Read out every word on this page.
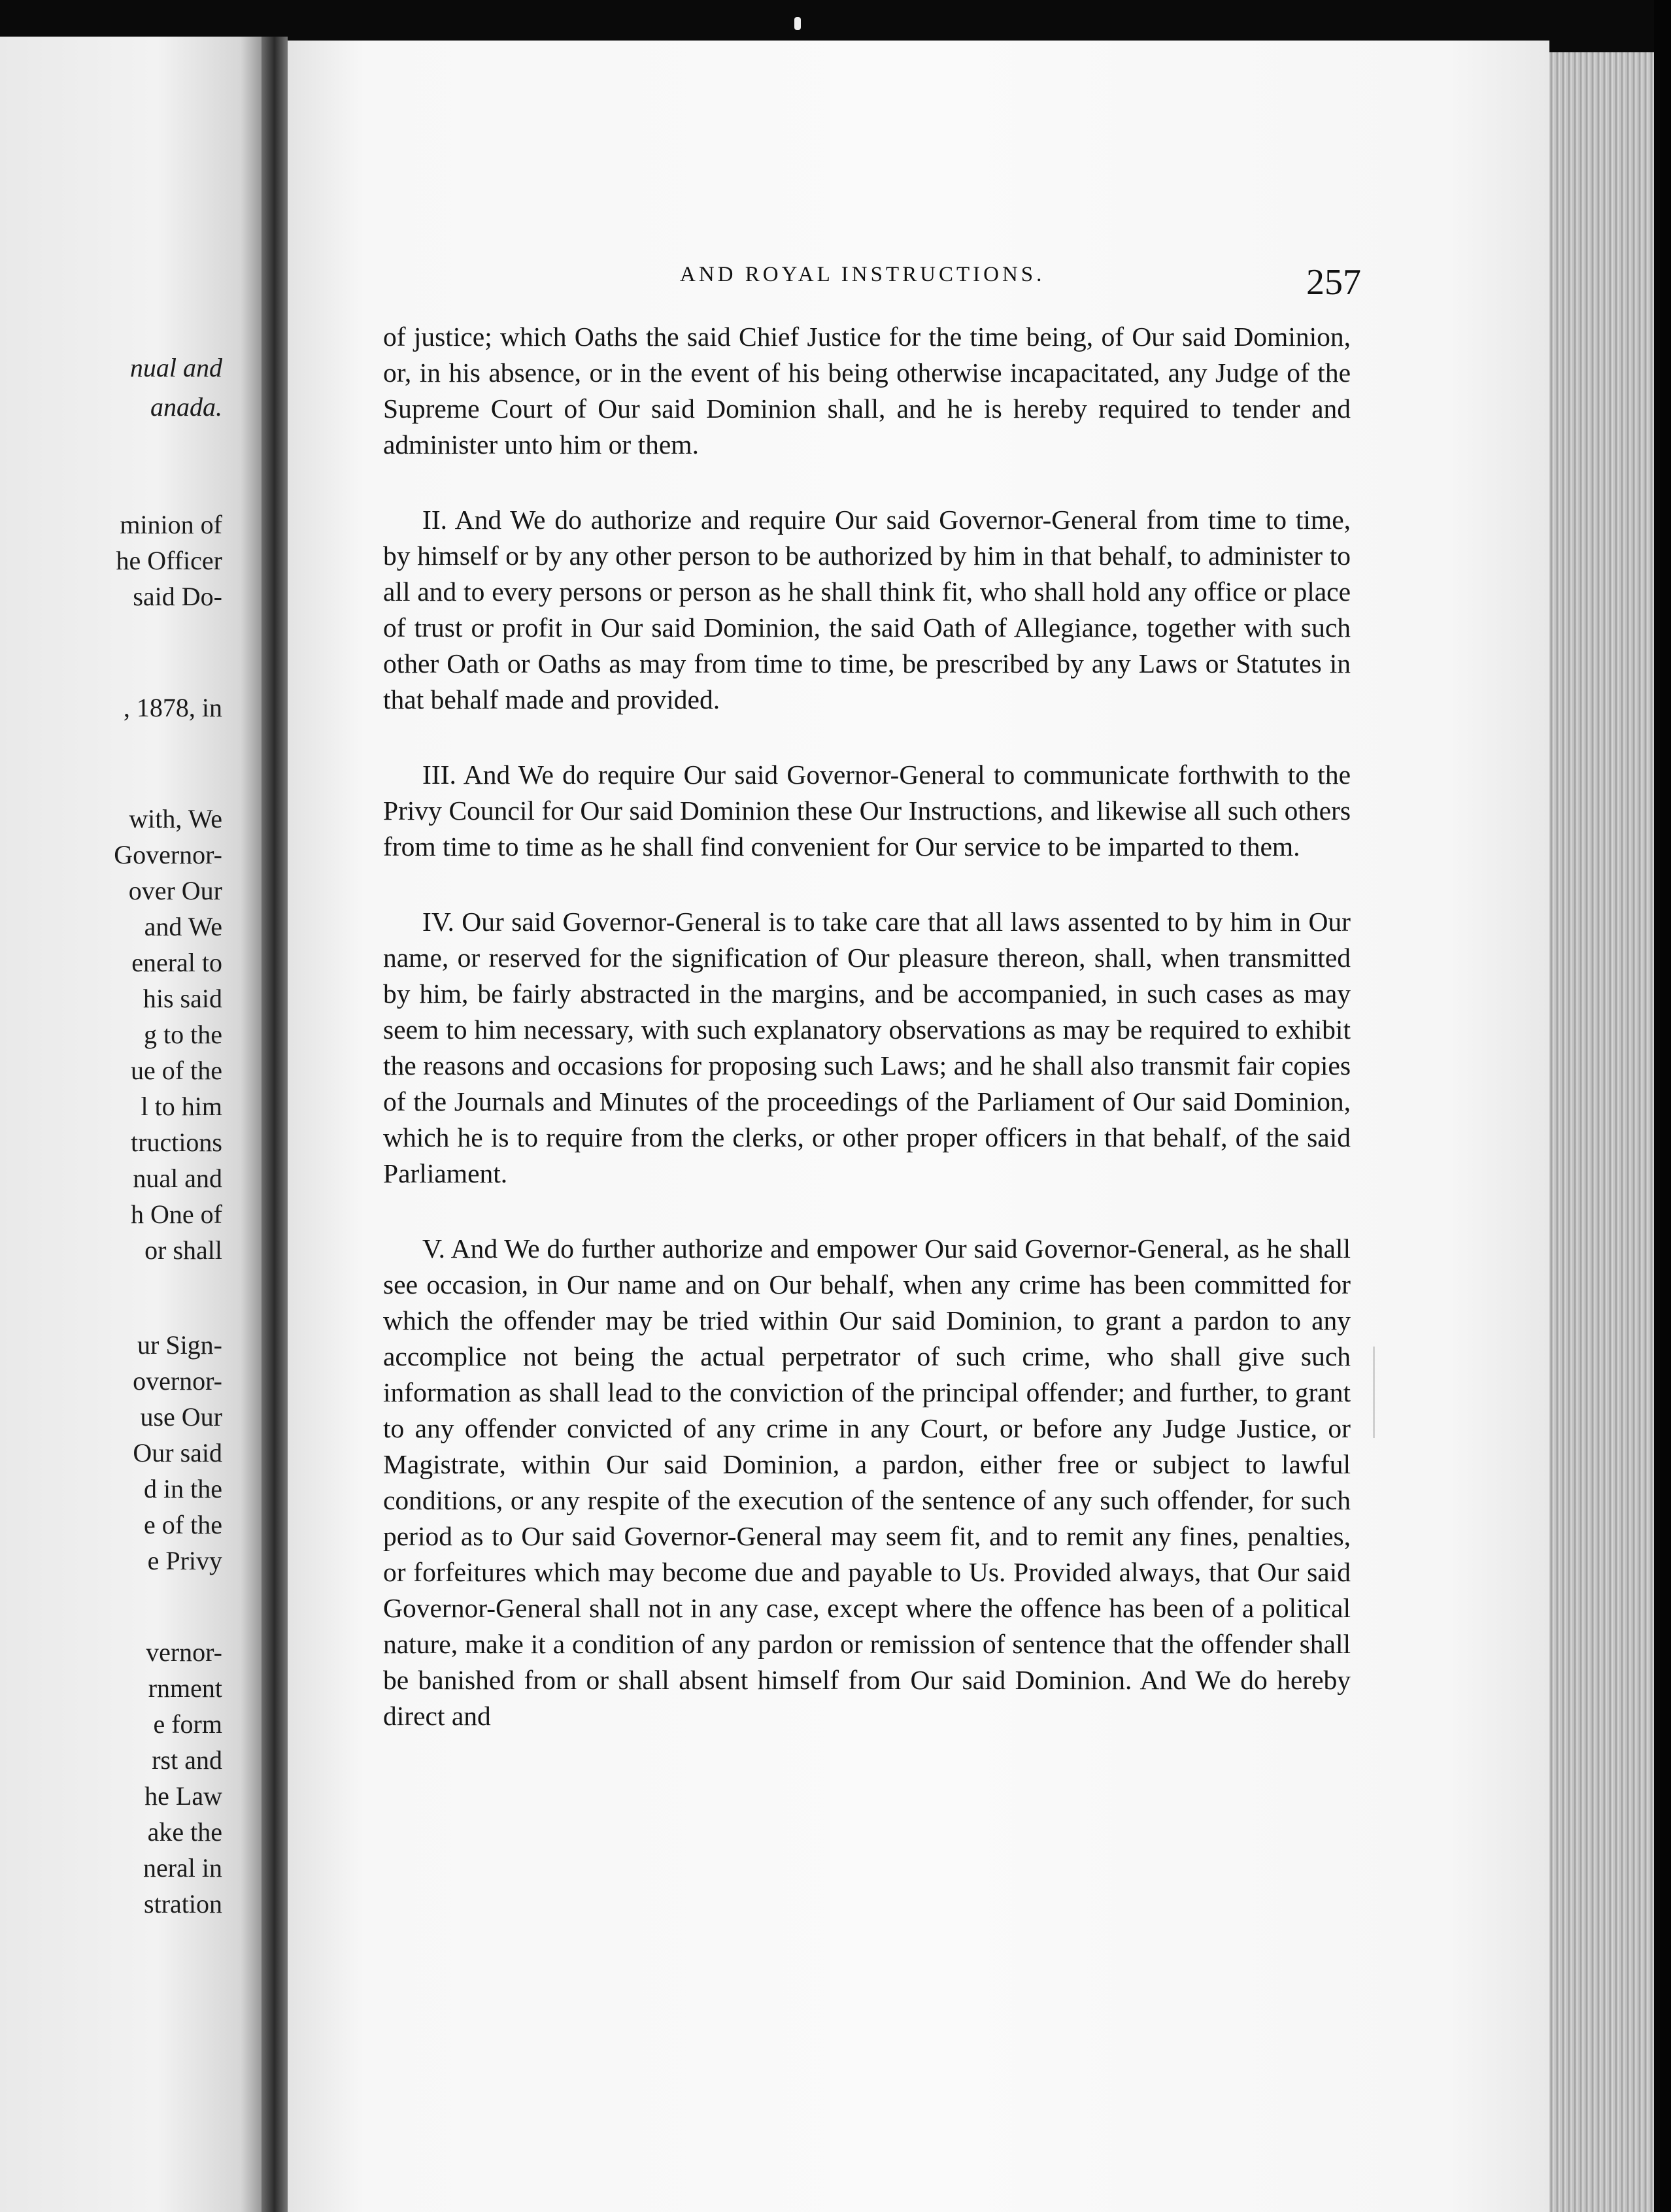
nual and
anada.
minion of
he Officer
said Do-
, 1878, in
with, We
Governor-
over Our
and We
eneral to
his said
g to the
ue of the
l to him
tructions
nual and
h One of
or shall
ur Sign-
overnor-
use Our
Our said
d in the
e of the
e Privy
vernor-
rnment
e form
rst and
he Law
ake the
neral in
stration
AND ROYAL INSTRUCTIONS.	257

of justice; which Oaths the said Chief Justice for the time being, of Our said Dominion, or, in his absence, or in the event of his being otherwise incapacitated, any Judge of the Supreme Court of Our said Dominion shall, and he is hereby required to tender and administer unto him or them.

II. And We do authorize and require Our said Governor-General from time to time, by himself or by any other person to be authorized by him in that behalf, to administer to all and to every persons or person as he shall think fit, who shall hold any office or place of trust or profit in Our said Dominion, the said Oath of Allegiance, together with such other Oath or Oaths as may from time to time, be prescribed by any Laws or Statutes in that behalf made and provided.

III. And We do require Our said Governor-General to communicate forthwith to the Privy Council for Our said Dominion these Our Instructions, and likewise all such others from time to time as he shall find convenient for Our service to be imparted to them.

IV. Our said Governor-General is to take care that all laws assented to by him in Our name, or reserved for the signification of Our pleasure thereon, shall, when transmitted by him, be fairly abstracted in the margins, and be accompanied, in such cases as may seem to him necessary, with such explanatory observations as may be required to exhibit the reasons and occasions for proposing such Laws; and he shall also transmit fair copies of the Journals and Minutes of the proceedings of the Parliament of Our said Dominion, which he is to require from the clerks, or other proper officers in that behalf, of the said Parliament.

V. And We do further authorize and empower Our said Governor-General, as he shall see occasion, in Our name and on Our behalf, when any crime has been committed for which the offender may be tried within Our said Dominion, to grant a pardon to any accomplice not being the actual perpetrator of such crime, who shall give such information as shall lead to the conviction of the principal offender; and further, to grant to any offender convicted of any crime in any Court, or before any Judge Justice, or Magistrate, within Our said Dominion, a pardon, either free or subject to lawful conditions, or any respite of the execution of the sentence of any such offender, for such period as to Our said Governor-General may seem fit, and to remit any fines, penalties, or forfeitures which may become due and payable to Us. Provided always, that Our said Governor-General shall not in any case, except where the offence has been of a political nature, make it a condition of any pardon or remission of sentence that the offender shall be banished from or shall absent himself from Our said Dominion. And We do hereby direct and
